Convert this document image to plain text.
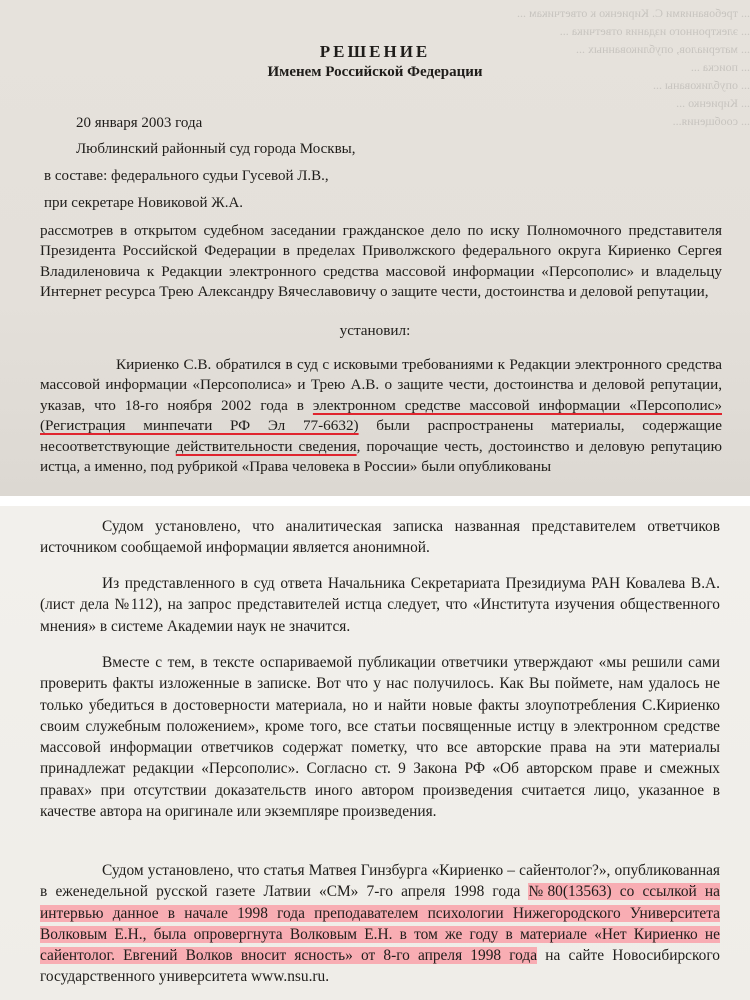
... требованиями С. Кириенко к ответчикам ...
... электронного издания ответчика ...
... материалов, опубликованных ...
... поиска ...
... опубликованы ...
... Кириенко ...
... сообщения...
РЕШЕНИЕ
Именем Российской Федерации
20 января 2003 года
Люблинский районный суд города Москвы,
в составе: федерального судьи Гусевой Л.В.,
при секретаре Новиковой Ж.А.
рассмотрев в открытом судебном заседании гражданское дело по иску Полномочного представителя Президента Российской Федерации в пределах Приволжского федерального округа Кириенко Сергея Владиленовича к Редакции электронного средства массовой информации «Персополис» и владельцу Интернет ресурса Трею Александру Вячеславовичу о защите чести, достоинства и деловой репутации,
установил:
Кириенко С.В. обратился в суд с исковыми требованиями к Редакции электронного средства массовой информации «Персополиса» и Трею А.В. о защите чести, достоинства и деловой репутации, указав, что 18-го ноября 2002 года в электронном средстве массовой информации «Персополис» (Регистрация минпечати РФ Эл 77-6632) были распространены материалы, содержащие несоответствующие действительности сведения, порочащие честь, достоинство и деловую репутацию истца, а именно, под рубрикой «Права человека в России» были опубликованы
Судом установлено, что аналитическая записка названная представителем ответчиков источником сообщаемой информации является анонимной.
Из представленного в суд ответа Начальника Секретариата Президиума РАН Ковалева В.А. (лист дела №112), на запрос представителей истца следует, что «Института изучения общественного мнения» в системе Академии наук не значится.
Вместе с тем, в тексте оспариваемой публикации ответчики утверждают «мы решили сами проверить факты изложенные в записке. Вот что у нас получилось. Как Вы поймете, нам удалось не только убедиться в достоверности материала, но и найти новые факты злоупотребления С.Кириенко своим служебным положением», кроме того, все статьи посвященные истцу в электронном средстве массовой информации ответчиков содержат пометку, что все авторские права на эти материалы принадлежат редакции «Персополис». Согласно ст. 9 Закона РФ «Об авторском праве и смежных правах» при отсутствии доказательств иного автором произведения считается лицо, указанное в качестве автора на оригинале или экземпляре произведения.
Судом установлено, что статья Матвея Гинзбурга «Кириенко – сайентолог?», опубликованная в еженедельной русской газете Латвии «СМ» 7-го апреля 1998 года №80(13563) со ссылкой на интервью данное в начале 1998 года преподавателем психологии Нижегородского Университета Волковым Е.Н., была опровергнута Волковым Е.Н. в том же году в материале «Нет Кириенко не сайентолог. Евгений Волков вносит ясность» от 8-го апреля 1998 года на сайте Новосибирского государственного университета www.nsu.ru.
